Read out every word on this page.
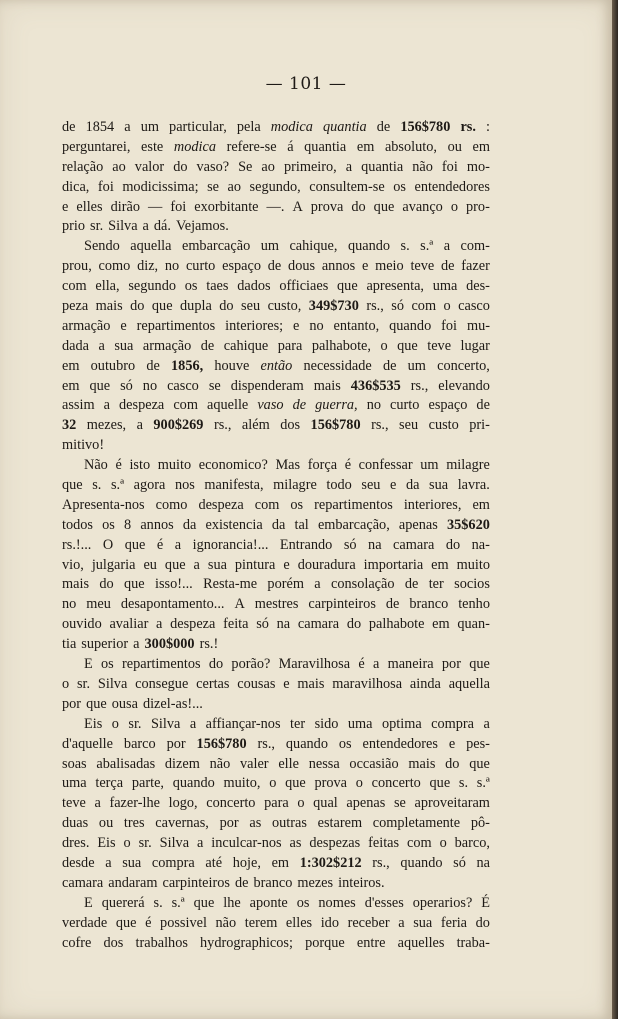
— 101 —
de 1854 a um particular, pela modica quantia de 156$780 rs. :
perguntarei, este modica refere-se á quantia em absoluto, ou em
relação ao valor do vaso? Se ao primeiro, a quantia não foi mo-
dica, foi modicissima; se ao segundo, consultem-se os entendedores
e elles dirão — foi exorbitante —. A prova do que avanço o pro-
prio sr. Silva a dá. Vejamos.
Sendo aquella embarcação um cahique, quando s. s.ª a com-
prou, como diz, no curto espaço de dous annos e meio teve de fazer
com ella, segundo os taes dados officiaes que apresenta, uma des-
peza mais do que dupla do seu custo, 349$730 rs., só com o casco
armação e repartimentos interiores; e no entanto, quando foi mu-
dada a sua armação de cahique para palhabote, o que teve lugar
em outubro de 1856, houve então necessidade de um concerto,
em que só no casco se dispenderam mais 436$535 rs., elevando
assim a despeza com aquelle vaso de guerra, no curto espaço de
32 mezes, a 900$269 rs., além dos 156$780 rs., seu custo pri-
mitivo!
Não é isto muito economico? Mas força é confessar um milagre
que s. s.ª agora nos manifesta, milagre todo seu e da sua lavra.
Apresenta-nos como despeza com os repartimentos interiores, em
todos os 8 annos da existencia da tal embarcação, apenas 35$620
rs.!... O que é a ignorancia!... Entrando só na camara do na-
vio, julgaria eu que a sua pintura e douradura importaria em muito
mais do que isso!... Resta-me porém a consolação de ter socios
no meu desapontamento... A mestres carpinteiros de branco tenho
ouvido avaliar a despeza feita só na camara do palhabote em quan-
tia superior a 300$000 rs.!
E os repartimentos do porão? Maravilhosa é a maneira por que
o sr. Silva consegue certas cousas e mais maravilhosa ainda aquella
por que ousa dizel-as!...
Eis o sr. Silva a affiançar-nos ter sido uma optima compra a
d'aquelle barco por 156$780 rs., quando os entendedores e pes-
soas abalisadas dizem não valer elle nessa occasião mais do que
uma terça parte, quando muito, o que prova o concerto que s. s.ª
teve a fazer-lhe logo, concerto para o qual apenas se aproveitaram
duas ou tres cavernas, por as outras estarem completamente pô-
dres. Eis o sr. Silva a inculcar-nos as despezas feitas com o barco,
desde a sua compra até hoje, em 1:302$212 rs., quando só na
camara andaram carpinteiros de branco mezes inteiros.
E quererá s. s.ª que lhe aponte os nomes d'esses operarios? É
verdade que é possivel não terem elles ido receber a sua feria do
cofre dos trabalhos hydrographicos; porque entre aquelles traba-
